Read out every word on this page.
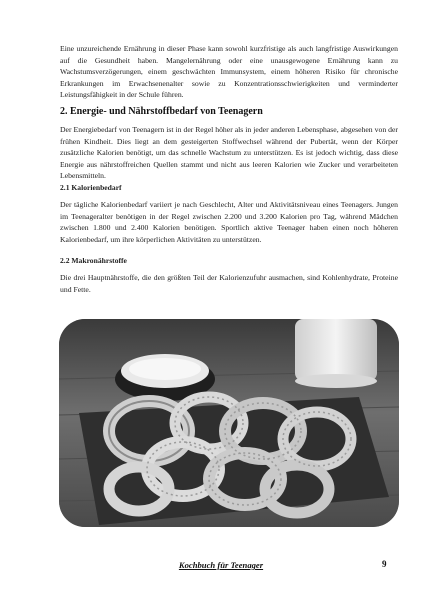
Eine unzureichende Ernährung in dieser Phase kann sowohl kurzfristige als auch langfristige Auswirkungen auf die Gesundheit haben. Mangelernährung oder eine unausgewogene Ernährung kann zu Wachstumsverzögerungen, einem geschwächten Immunsystem, einem höheren Risiko für chronische Erkrankungen im Erwachsenenalter sowie zu Konzentrationsschwierigkeiten und verminderter Leistungsfähigkeit in der Schule führen.

2. Energie- und Nährstoffbedarf von Teenagern

Der Energiebedarf von Teenagern ist in der Regel höher als in jeder anderen Lebensphase, abgesehen von der frühen Kindheit. Dies liegt an dem gesteigerten Stoffwechsel während der Pubertät, wenn der Körper zusätzliche Kalorien benötigt, um das schnelle Wachstum zu unterstützen. Es ist jedoch wichtig, dass diese Energie aus nährstoffreichen Quellen stammt und nicht aus leeren Kalorien wie Zucker und verarbeiteten Lebensmitteln.

2.1 Kalorienbedarf

Der tägliche Kalorienbedarf variiert je nach Geschlecht, Alter und Aktivitätsniveau eines Teenagers. Jungen im Teenageralter benötigen in der Regel zwischen 2.200 und 3.200 Kalorien pro Tag, während Mädchen zwischen 1.800 und 2.400 Kalorien benötigen. Sportlich aktive Teenager haben einen noch höheren Kalorienbedarf, um ihre körperlichen Aktivitäten zu unterstützen.

2.2 Makronährstoffe

Die drei Hauptnährstoffe, die den größten Teil der Kalorienzufuhr ausmachen, sind Kohlenhydrate, Proteine und Fette.

Kochbuch für Teenager	9
